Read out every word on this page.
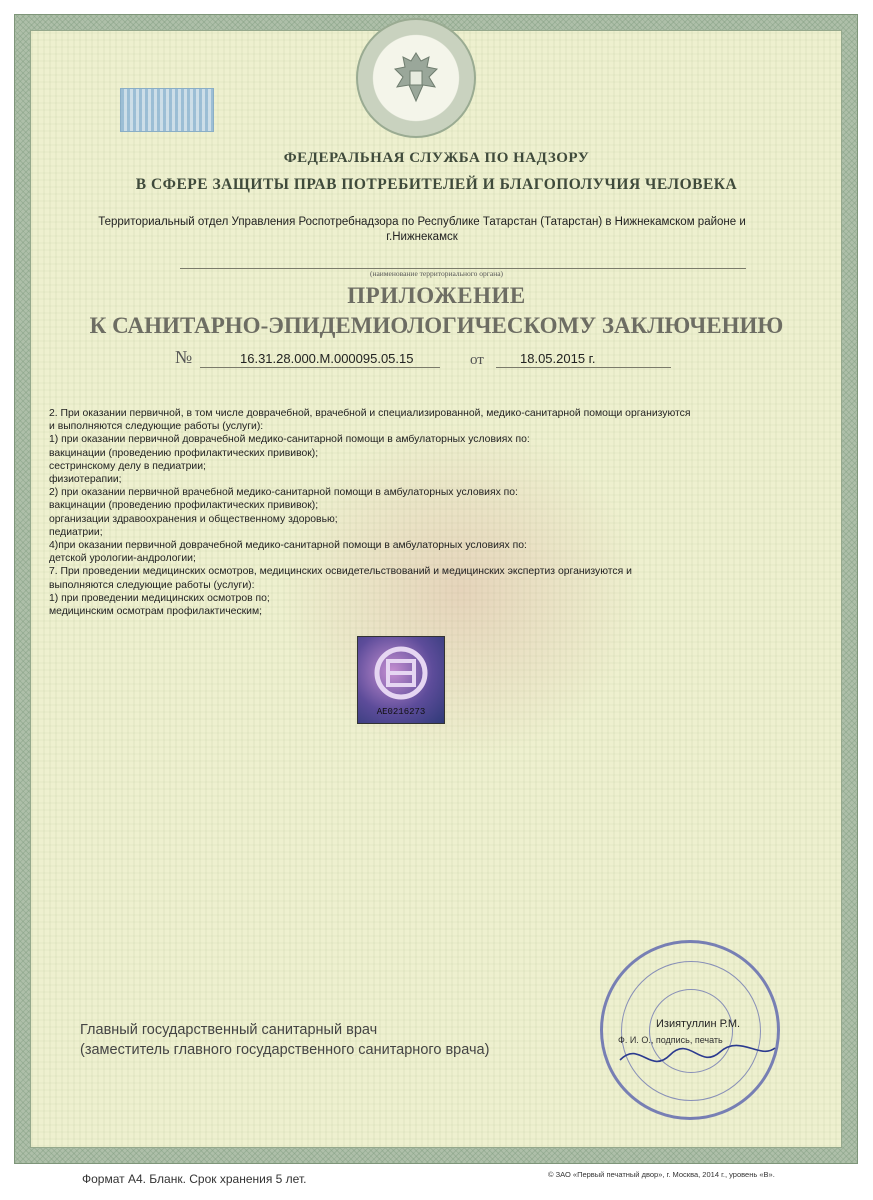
ФЕДЕРАЛЬНАЯ СЛУЖБА ПО НАДЗОРУ
В СФЕРЕ ЗАЩИТЫ ПРАВ ПОТРЕБИТЕЛЕЙ И БЛАГОПОЛУЧИЯ ЧЕЛОВЕКА
Территориальный отдел Управления Роспотребнадзора по Республике Татарстан (Татарстан) в Нижнекамском районе и г.Нижнекамск
(наименование территориального органа)
ПРИЛОЖЕНИЕ
К САНИТАРНО-ЭПИДЕМИОЛОГИЧЕСКОМУ ЗАКЛЮЧЕНИЮ
№	16.31.28.000.М.000095.05.15	от	18.05.2015 г.
2. При оказании первичной, в том числе доврачебной, врачебной и специализированной, медико-санитарной помощи организуются
и выполняются следующие работы (услуги):
1) при оказании первичной доврачебной медико-санитарной помощи в амбулаторных условиях по:
вакцинации (проведению профилактических прививок);
сестринскому делу в педиатрии;
физиотерапии;
2) при оказании первичной врачебной медико-санитарной помощи в амбулаторных условиях по:
вакцинации (проведению профилактических прививок);
организации здравоохранения и общественному здоровью;
педиатрии;
4)при оказании первичной доврачебной медико-санитарной помощи в амбулаторных условиях по:
детской урологии-андрологии;
7. При проведении медицинских осмотров, медицинских освидетельствований и медицинских экспертиз организуются и
выполняются следующие работы (услуги):
1) при проведении медицинских осмотров по;
медицинским осмотрам профилактическим;
АЕ0216273
Главный государственный санитарный врач
(заместитель главного государственного санитарного врача)
Изиятуллин Р.М.
Ф. И. О., подпись, печать
Формат А4. Бланк. Срок хранения 5 лет.	© ЗАО «Первый печатный двор», г. Москва, 2014 г., уровень «В».
